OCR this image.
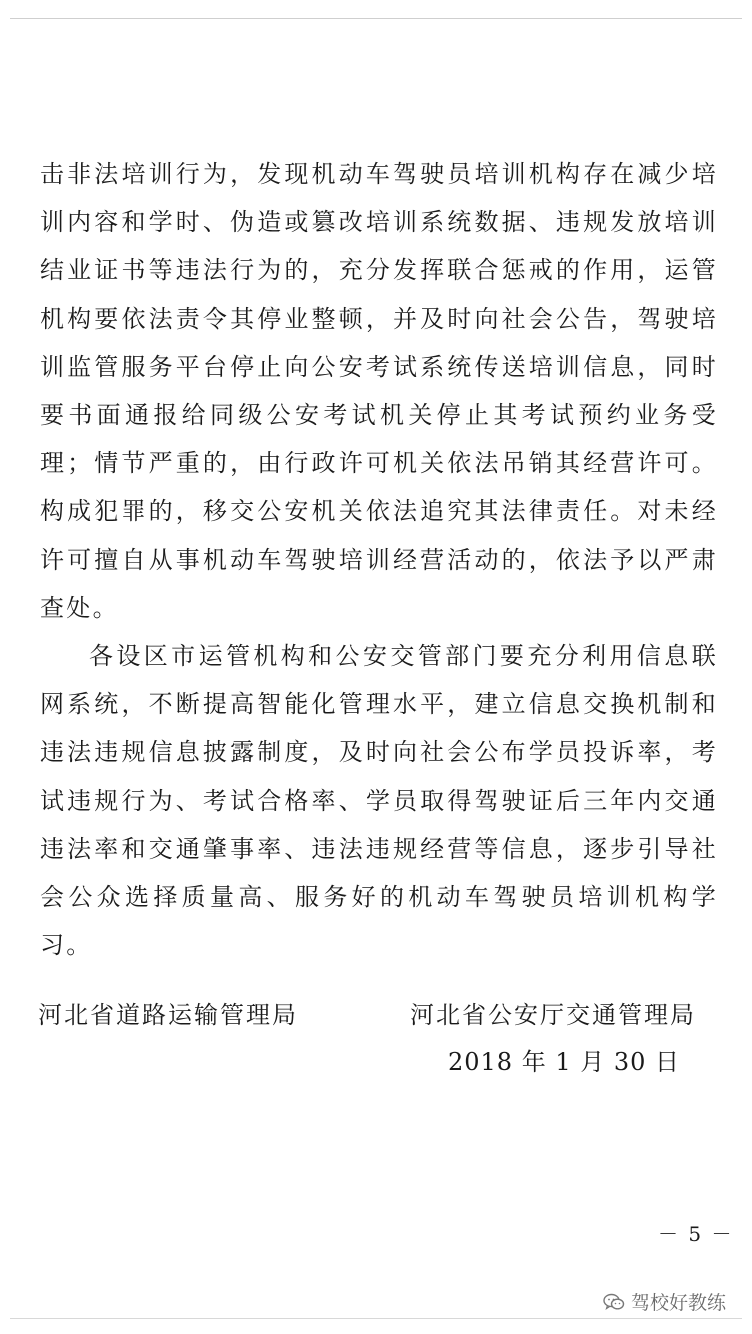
击非法培训行为，发现机动车驾驶员培训机构存在减少培训内容和学时、伪造或篡改培训系统数据、违规发放培训结业证书等违法行为的，充分发挥联合惩戒的作用，运管机构要依法责令其停业整顿，并及时向社会公告，驾驶培训监管服务平台停止向公安考试系统传送培训信息，同时要书面通报给同级公安考试机关停止其考试预约业务受理；情节严重的，由行政许可机关依法吊销其经营许可。构成犯罪的，移交公安机关依法追究其法律责任。对未经许可擅自从事机动车驾驶培训经营活动的，依法予以严肃查处。

各设区市运管机构和公安交管部门要充分利用信息联网系统，不断提高智能化管理水平，建立信息交换机制和违法违规信息披露制度，及时向社会公布学员投诉率，考试违规行为、考试合格率、学员取得驾驶证后三年内交通违法率和交通肇事率、违法违规经营等信息，逐步引导社会公众选择质量高、服务好的机动车驾驶员培训机构学习。

河北省道路运输管理局	河北省公安厅交通管理局
2018 年 1 月 30 日
－ 5 －
驾校好教练
